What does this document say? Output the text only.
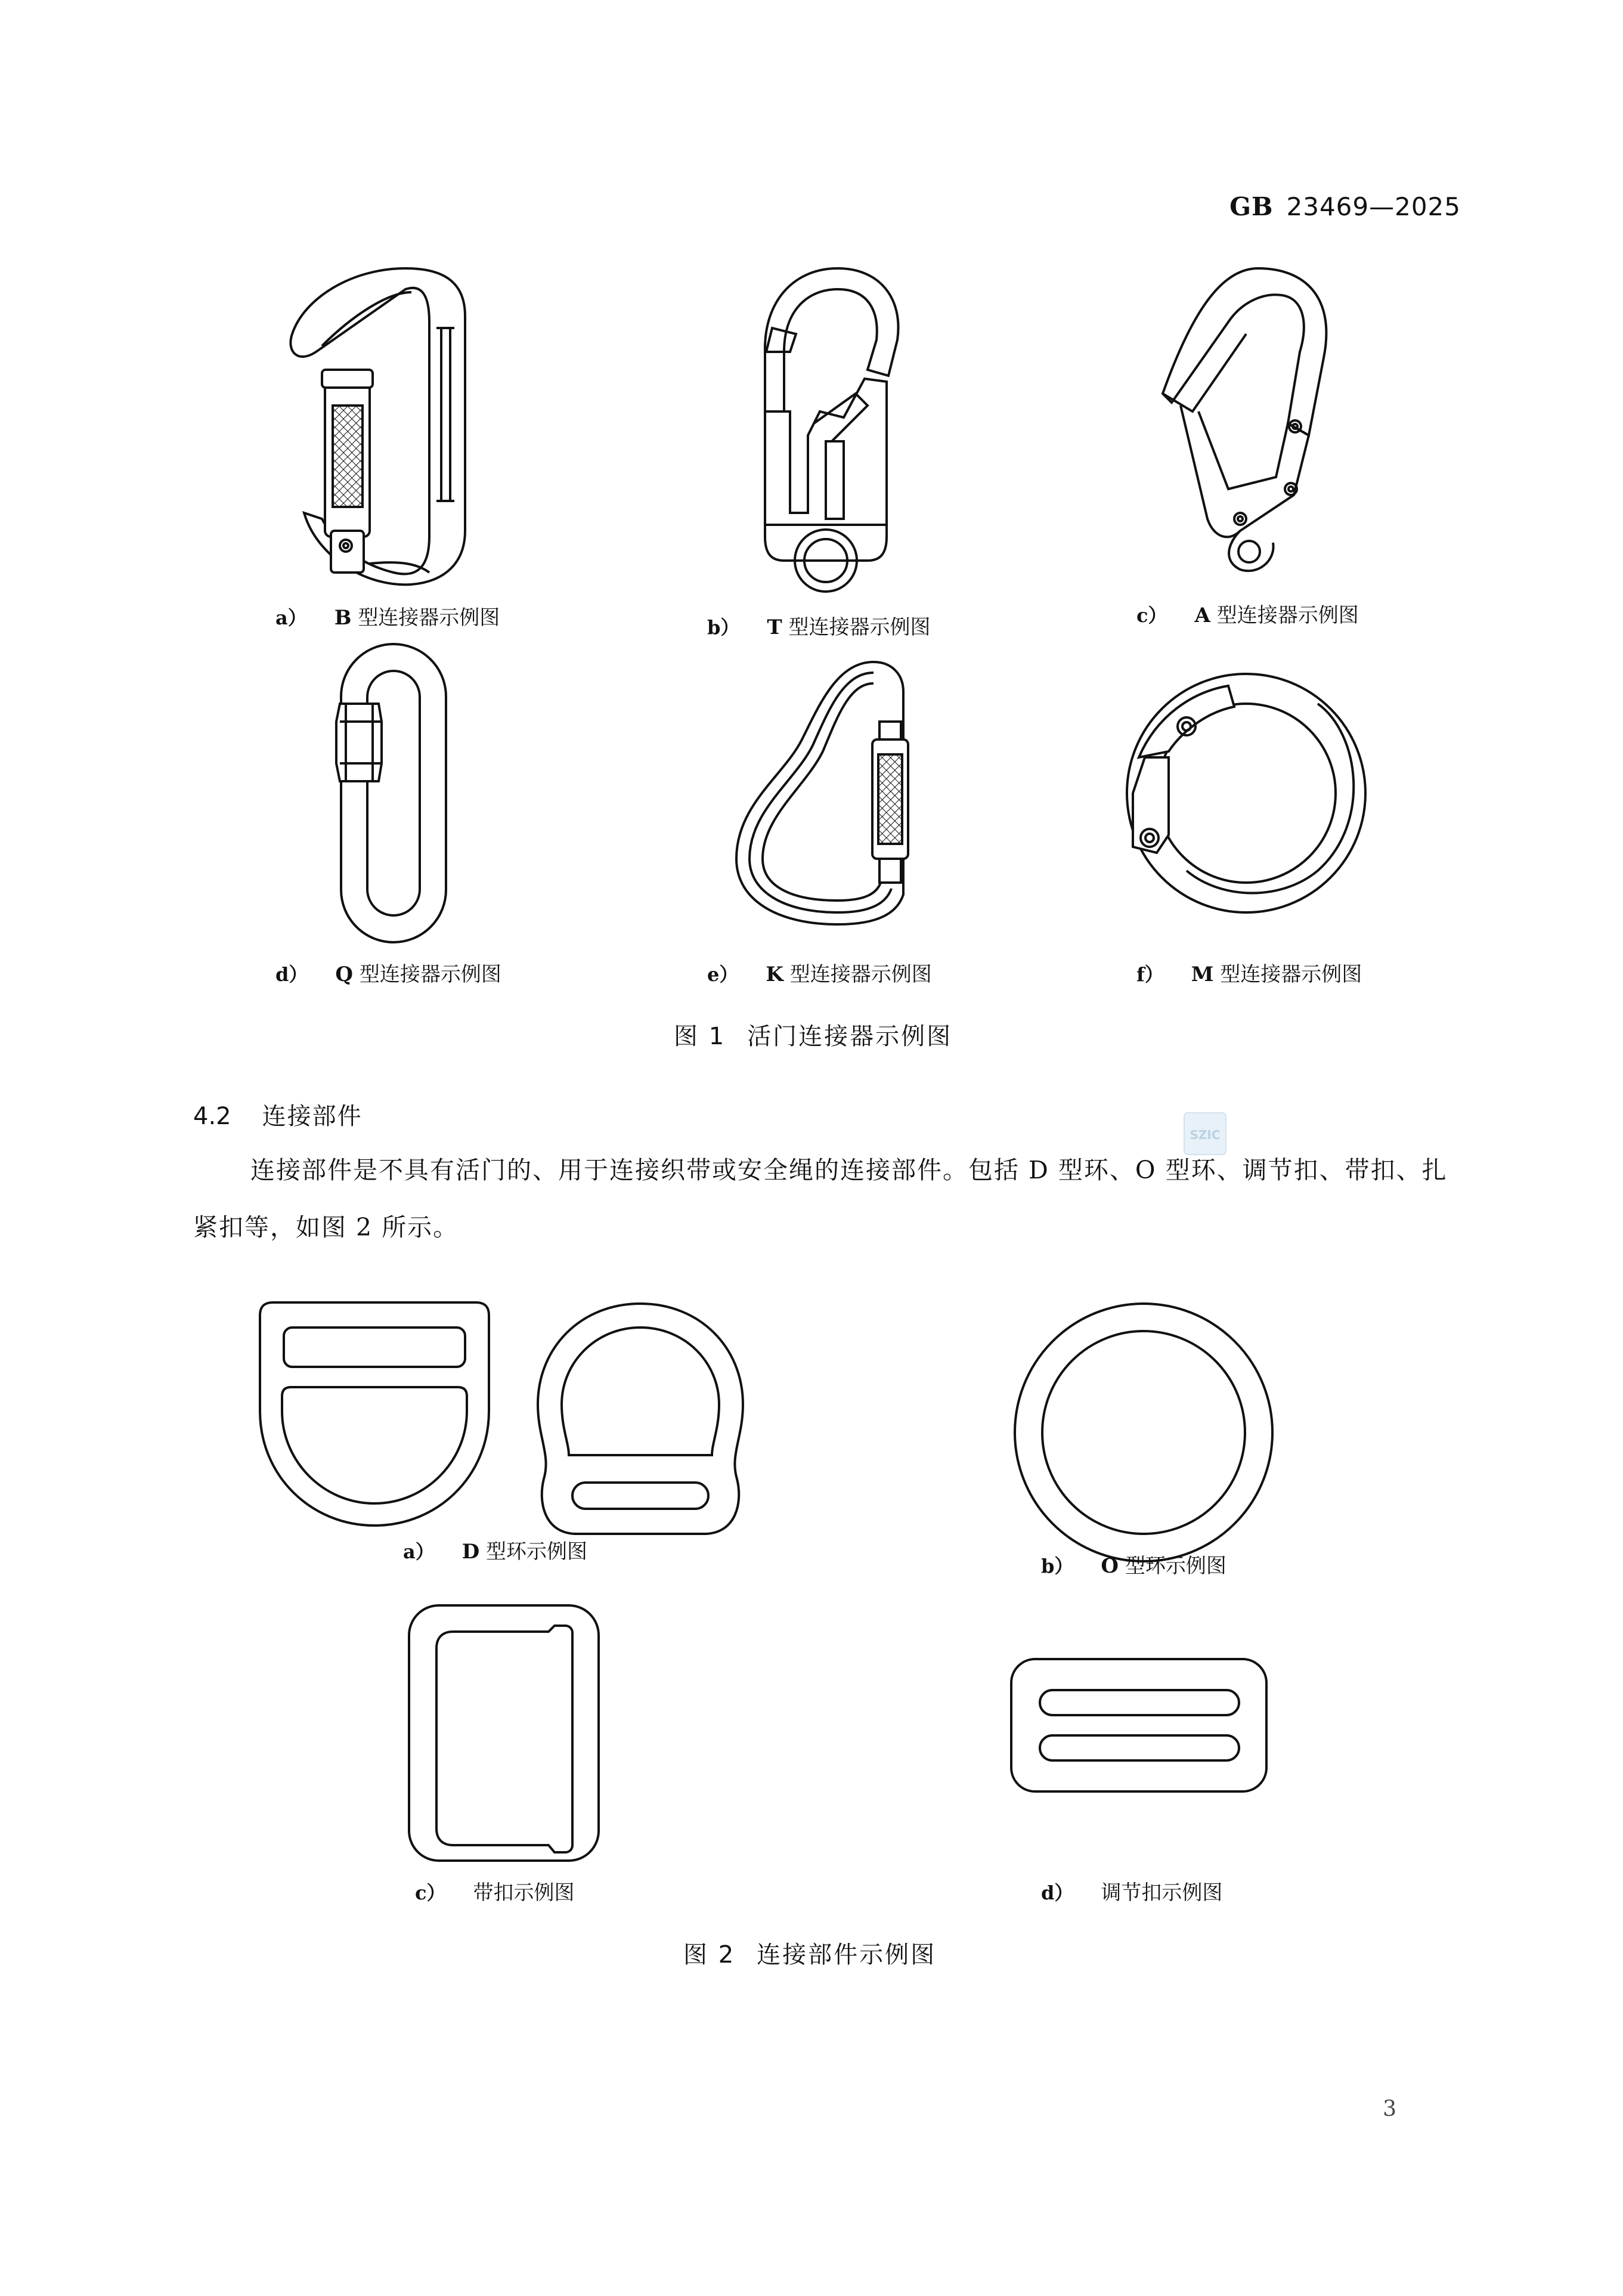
GB 23469—2025
a） B 型连接器示例图	b） T 型连接器示例图	c） A 型连接器示例图
d） Q 型连接器示例图	e） K 型连接器示例图	f） M 型连接器示例图
图 1 活门连接器示例图
4.2 连接部件
SZIC
连接部件是不具有活门的、用于连接织带或安全绳的连接部件。包括 D 型环、O 型环、调节扣、带扣、扎紧扣等，如图 2 所示。
a） D 型环示例图
b） O 型环示例图
c） 带扣示例图	d） 调节扣示例图
图 2 连接部件示例图
3
